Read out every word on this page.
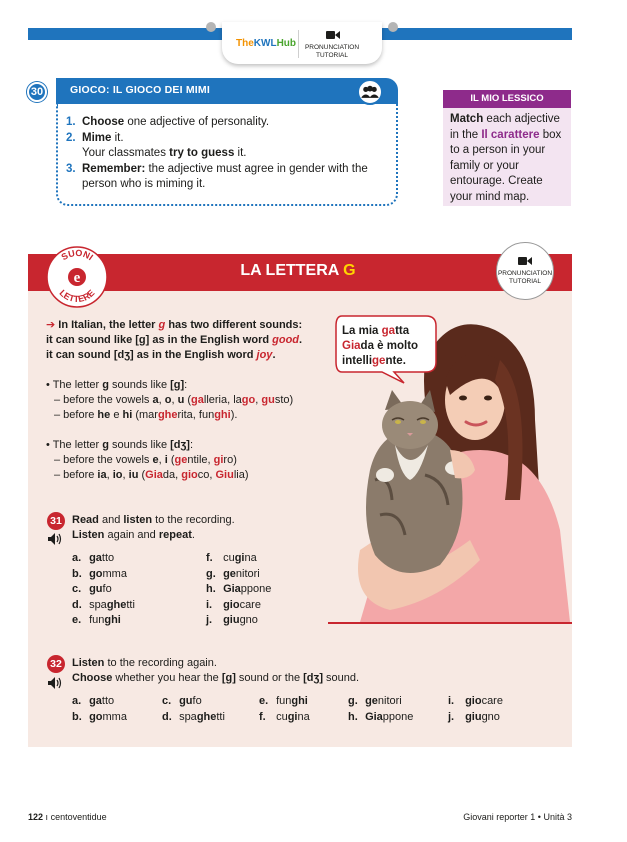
TheKWLHub	PRONUNCIATION TUTORIAL
30	GIOCO: IL GIOCO DEI MIMI
1. Choose one adjective of personality.
2. Mime it.
Your classmates try to guess it.
3. Remember: the adjective must agree in gender with the
person who is miming it.
IL MIO LESSICO
Match each adjective in the Il carattere box to a person in your family or your entourage. Create your mind map.
LA LETTERA G
SUONI
LETTERE
e	PRONUNCIATION TUTORIAL
➔ In Italian, the letter g has two different sounds:
it can sound like [g] as in the English word good.
it can sound [dʒ] as in the English word joy.
• The letter g sounds like [g]:
– before the vowels a, o, u (galleria, lago, gusto)
– before he e hi (margherita, funghi).
• The letter g sounds like [dʒ]:
– before the vowels e, i (gentile, giro)
– before ia, io, iu (Giada, gioco, Giulia)
La mia gatta
Giada è molto
intelligente.
31 Read and listen to the recording.
Listen again and repeat.
a. gatto
b. gomma
c. gufo
d. spaghetti
e. funghi
f. cugina
g. genitori
h. Giappone
i. giocare
j. giugno
32 Listen to the recording again.
Choose whether you hear the [g] sound or the [dʒ] sound.
a. gatto
b. gomma
c. gufo
d. spaghetti
e. funghi
f. cugina
g. genitori
h. Giappone
i. giocare
j. giugno
122 ı centoventidue	Giovani reporter 1 • Unità 3
